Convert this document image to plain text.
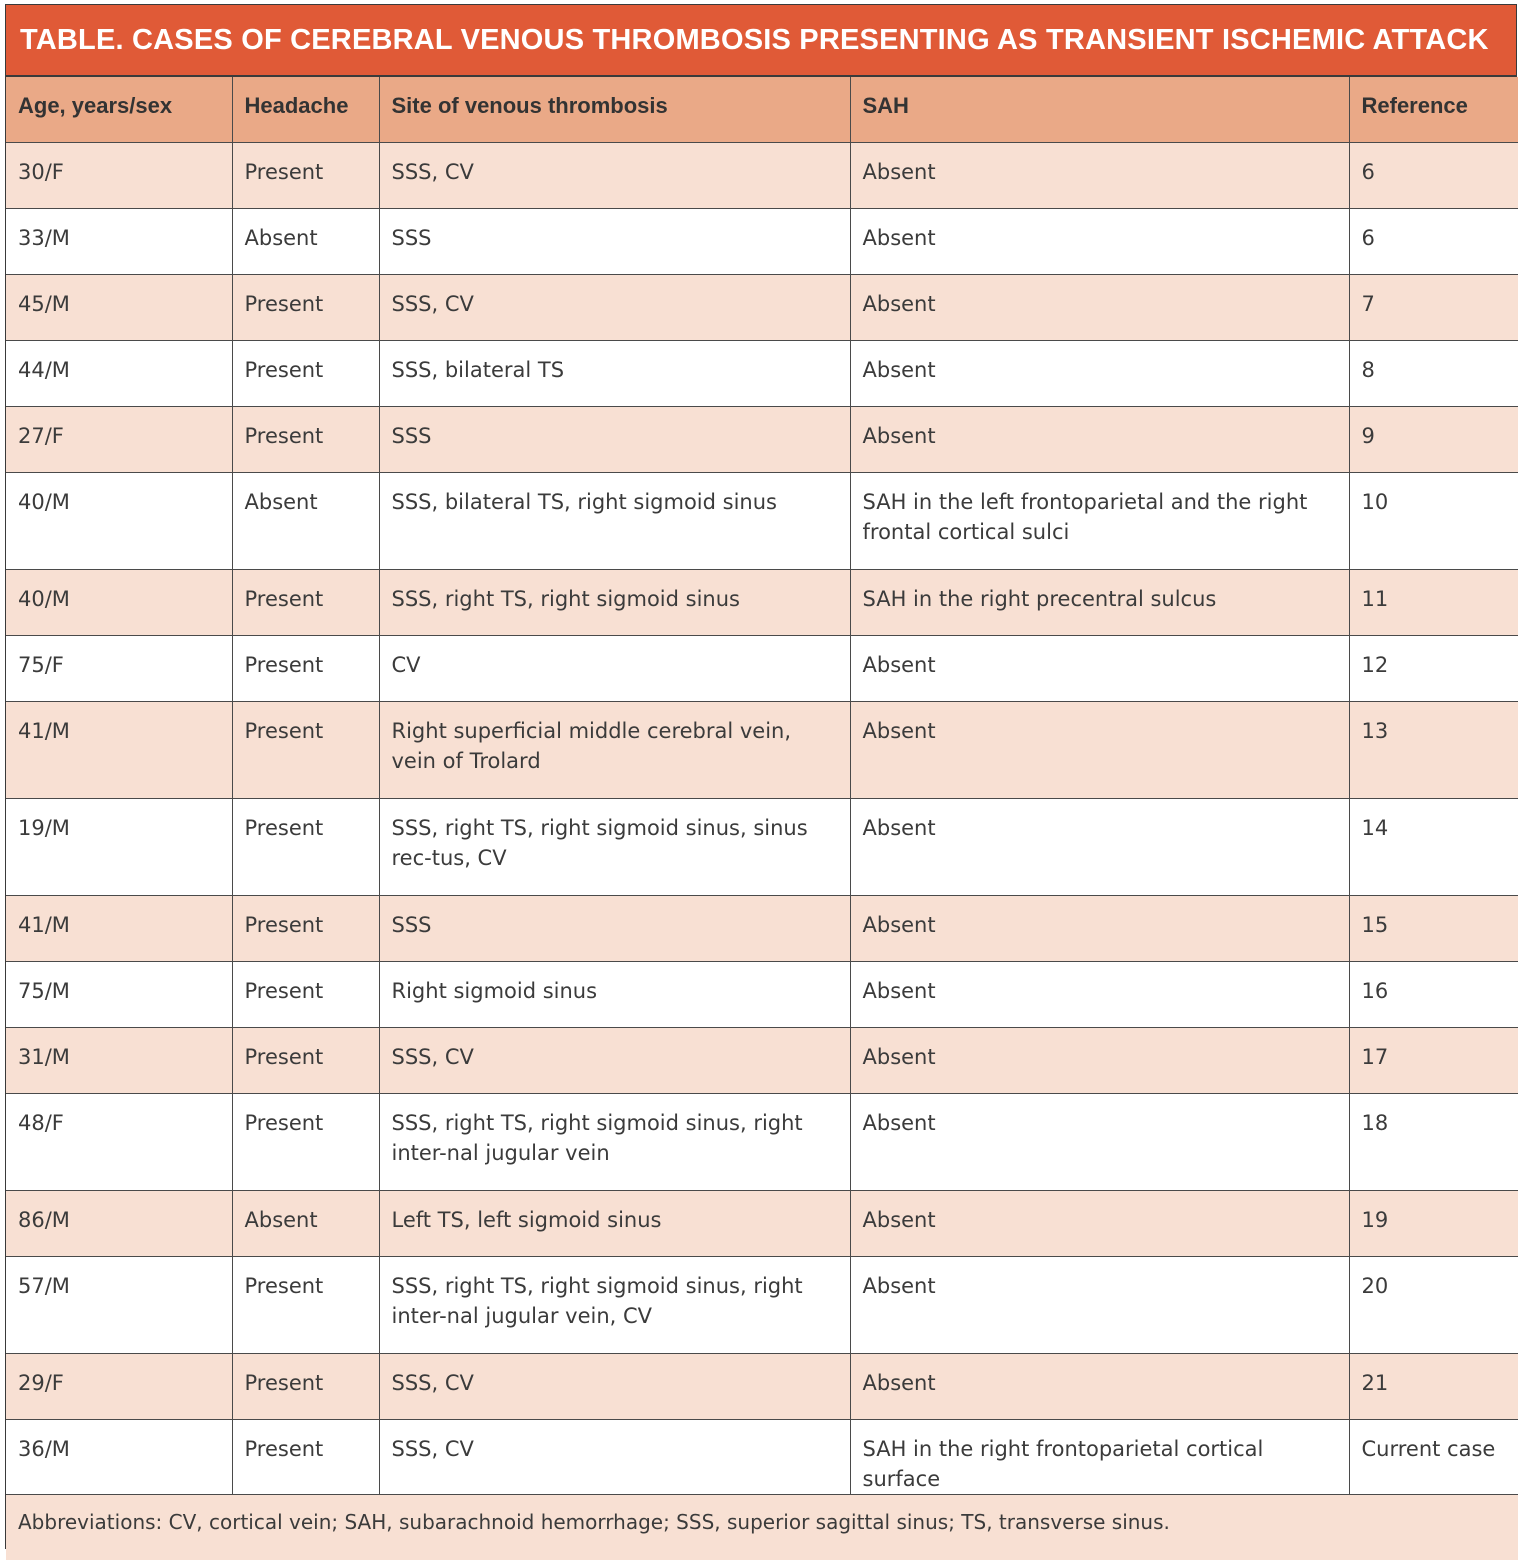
TABLE. CASES OF CEREBRAL VENOUS THROMBOSIS PRESENTING AS TRANSIENT ISCHEMIC ATTACK
Age, years/sex	Headache	Site of venous thrombosis	SAH	Reference
30/F	Present	SSS, CV	Absent	6
33/M	Absent	SSS	Absent	6
45/M	Present	SSS, CV	Absent	7
44/M	Present	SSS, bilateral TS	Absent	8
27/F	Present	SSS	Absent	9
40/M	Absent	SSS, bilateral TS, right sigmoid sinus	SAH in the left frontoparietal and the right frontal cortical sulci	10
40/M	Present	SSS, right TS, right sigmoid sinus	SAH in the right precentral sulcus	11
75/F	Present	CV	Absent	12
41/M	Present	Right superficial middle cerebral vein, vein of Trolard	Absent	13
19/M	Present	SSS, right TS, right sigmoid sinus, sinus rec-tus, CV	Absent	14
41/M	Present	SSS	Absent	15
75/M	Present	Right sigmoid sinus	Absent	16
31/M	Present	SSS, CV	Absent	17
48/F	Present	SSS, right TS, right sigmoid sinus, right inter-nal jugular vein	Absent	18
86/M	Absent	Left TS, left sigmoid sinus	Absent	19
57/M	Present	SSS, right TS, right sigmoid sinus, right inter-nal jugular vein, CV	Absent	20
29/F	Present	SSS, CV	Absent	21
36/M	Present	SSS, CV	SAH in the right frontoparietal cortical surface	Current case
Abbreviations: CV, cortical vein; SAH, subarachnoid hemorrhage; SSS, superior sagittal sinus; TS, transverse sinus.				
